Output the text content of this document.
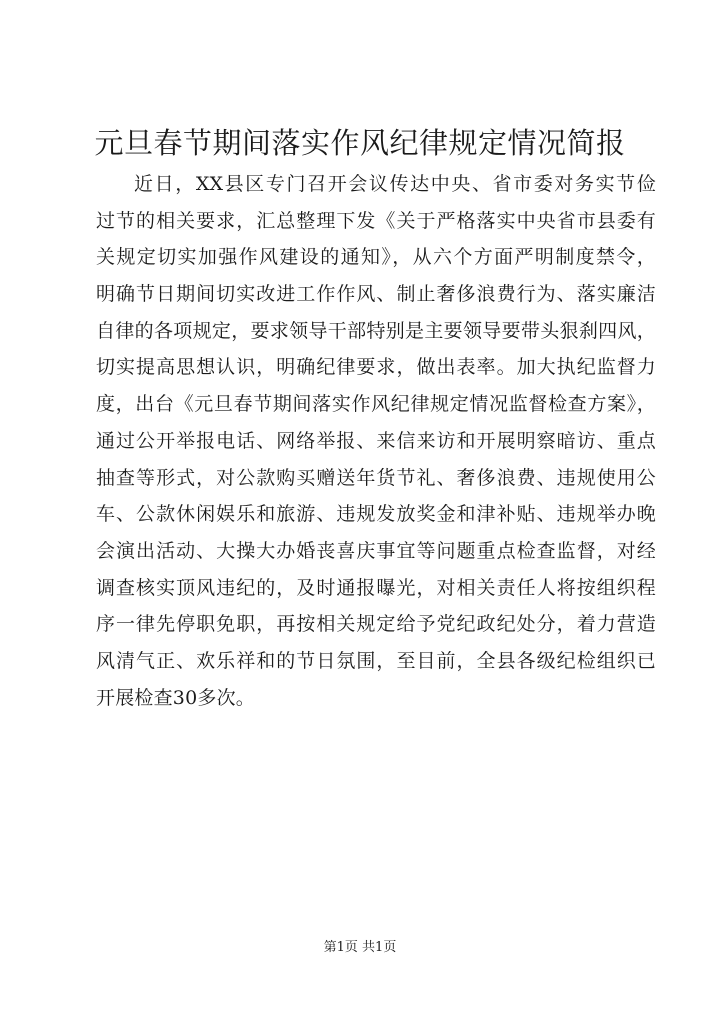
元旦春节期间落实作风纪律规定情况简报
近日，XX县区专门召开会议传达中央、省市委对务实节俭
过节的相关要求，汇总整理下发《关于严格落实中央省市县委有
关规定切实加强作风建设的通知》，从六个方面严明制度禁令，
明确节日期间切实改进工作作风、制止奢侈浪费行为、落实廉洁
自律的各项规定，要求领导干部特别是主要领导要带头狠刹四风，
切实提高思想认识，明确纪律要求，做出表率。加大执纪监督力
度，出台《元旦春节期间落实作风纪律规定情况监督检查方案》，
通过公开举报电话、网络举报、来信来访和开展明察暗访、重点
抽查等形式，对公款购买赠送年货节礼、奢侈浪费、违规使用公
车、公款休闲娱乐和旅游、违规发放奖金和津补贴、违规举办晚
会演出活动、大操大办婚丧喜庆事宜等问题重点检查监督，对经
调查核实顶风违纪的，及时通报曝光，对相关责任人将按组织程
序一律先停职免职，再按相关规定给予党纪政纪处分，着力营造
风清气正、欢乐祥和的节日氛围，至目前，全县各级纪检组织已
开展检查30多次。
第1页 共1页
